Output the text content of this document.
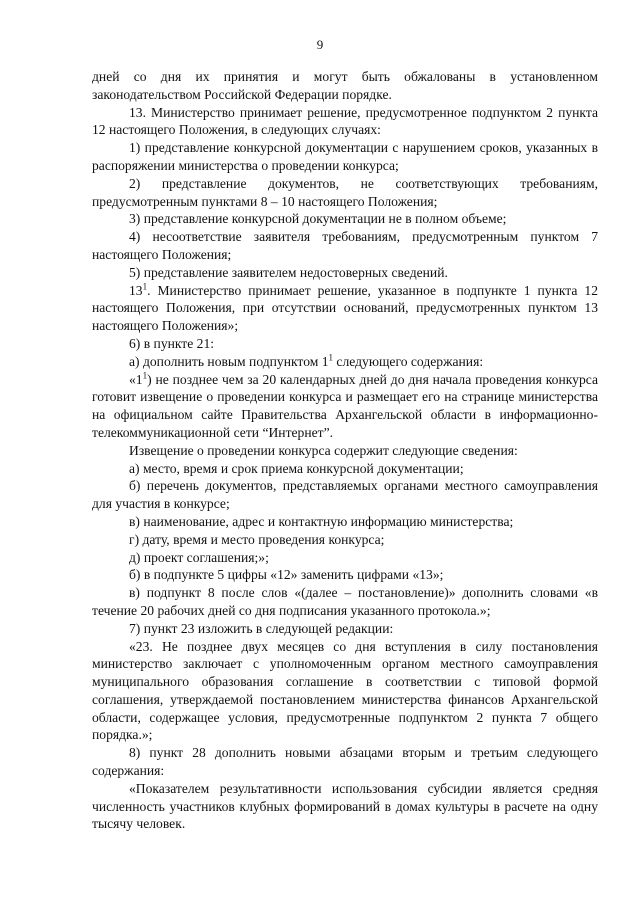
9

дней со дня их принятия и могут быть обжалованы в установленном законодательством Российской Федерации порядке.

13. Министерство принимает решение, предусмотренное подпунктом 2 пункта 12 настоящего Положения, в следующих случаях:

1) представление конкурсной документации с нарушением сроков, указанных в распоряжении министерства о проведении конкурса;

2) представление документов, не соответствующих требованиям, предусмотренным пунктами 8 – 10 настоящего Положения;

3) представление конкурсной документации не в полном объеме;

4) несоответствие заявителя требованиям, предусмотренным пунктом 7 настоящего Положения;

5) представление заявителем недостоверных сведений.

$13^1$. Министерство принимает решение, указанное в подпункте 1 пункта 12 настоящего Положения, при отсутствии оснований, предусмотренных пунктом 13 настоящего Положения»;

6) в пункте 21:

а) дополнить новым подпунктом $1^1$ следующего содержания:

«$1^1$) не позднее чем за 20 календарных дней до дня начала проведения конкурса готовит извещение о проведении конкурса и размещает его на странице министерства на официальном сайте Правительства Архангельской области в информационно-телекоммуникационной сети “Интернет”.

Извещение о проведении конкурса содержит следующие сведения:

а) место, время и срок приема конкурсной документации;

б) перечень документов, представляемых органами местного самоуправления для участия в конкурсе;

в) наименование, адрес и контактную информацию министерства;

г) дату, время и место проведения конкурса;

д) проект соглашения;»;

б) в подпункте 5 цифры «12» заменить цифрами «13»;

в) подпункт 8 после слов «(далее – постановление)» дополнить словами «в течение 20 рабочих дней со дня подписания указанного протокола.»;

7) пункт 23 изложить в следующей редакции:

«23. Не позднее двух месяцев со дня вступления в силу постановления министерство заключает с уполномоченным органом местного самоуправления муниципального образования соглашение в соответствии с типовой формой соглашения, утверждаемой постановлением министерства финансов Архангельской области, содержащее условия, предусмотренные подпунктом 2 пункта 7 общего порядка.»;

8) пункт 28 дополнить новыми абзацами вторым и третьим следующего содержания:

«Показателем результативности использования субсидии является средняя численность участников клубных формирований в домах культуры в расчете на одну тысячу человек.
